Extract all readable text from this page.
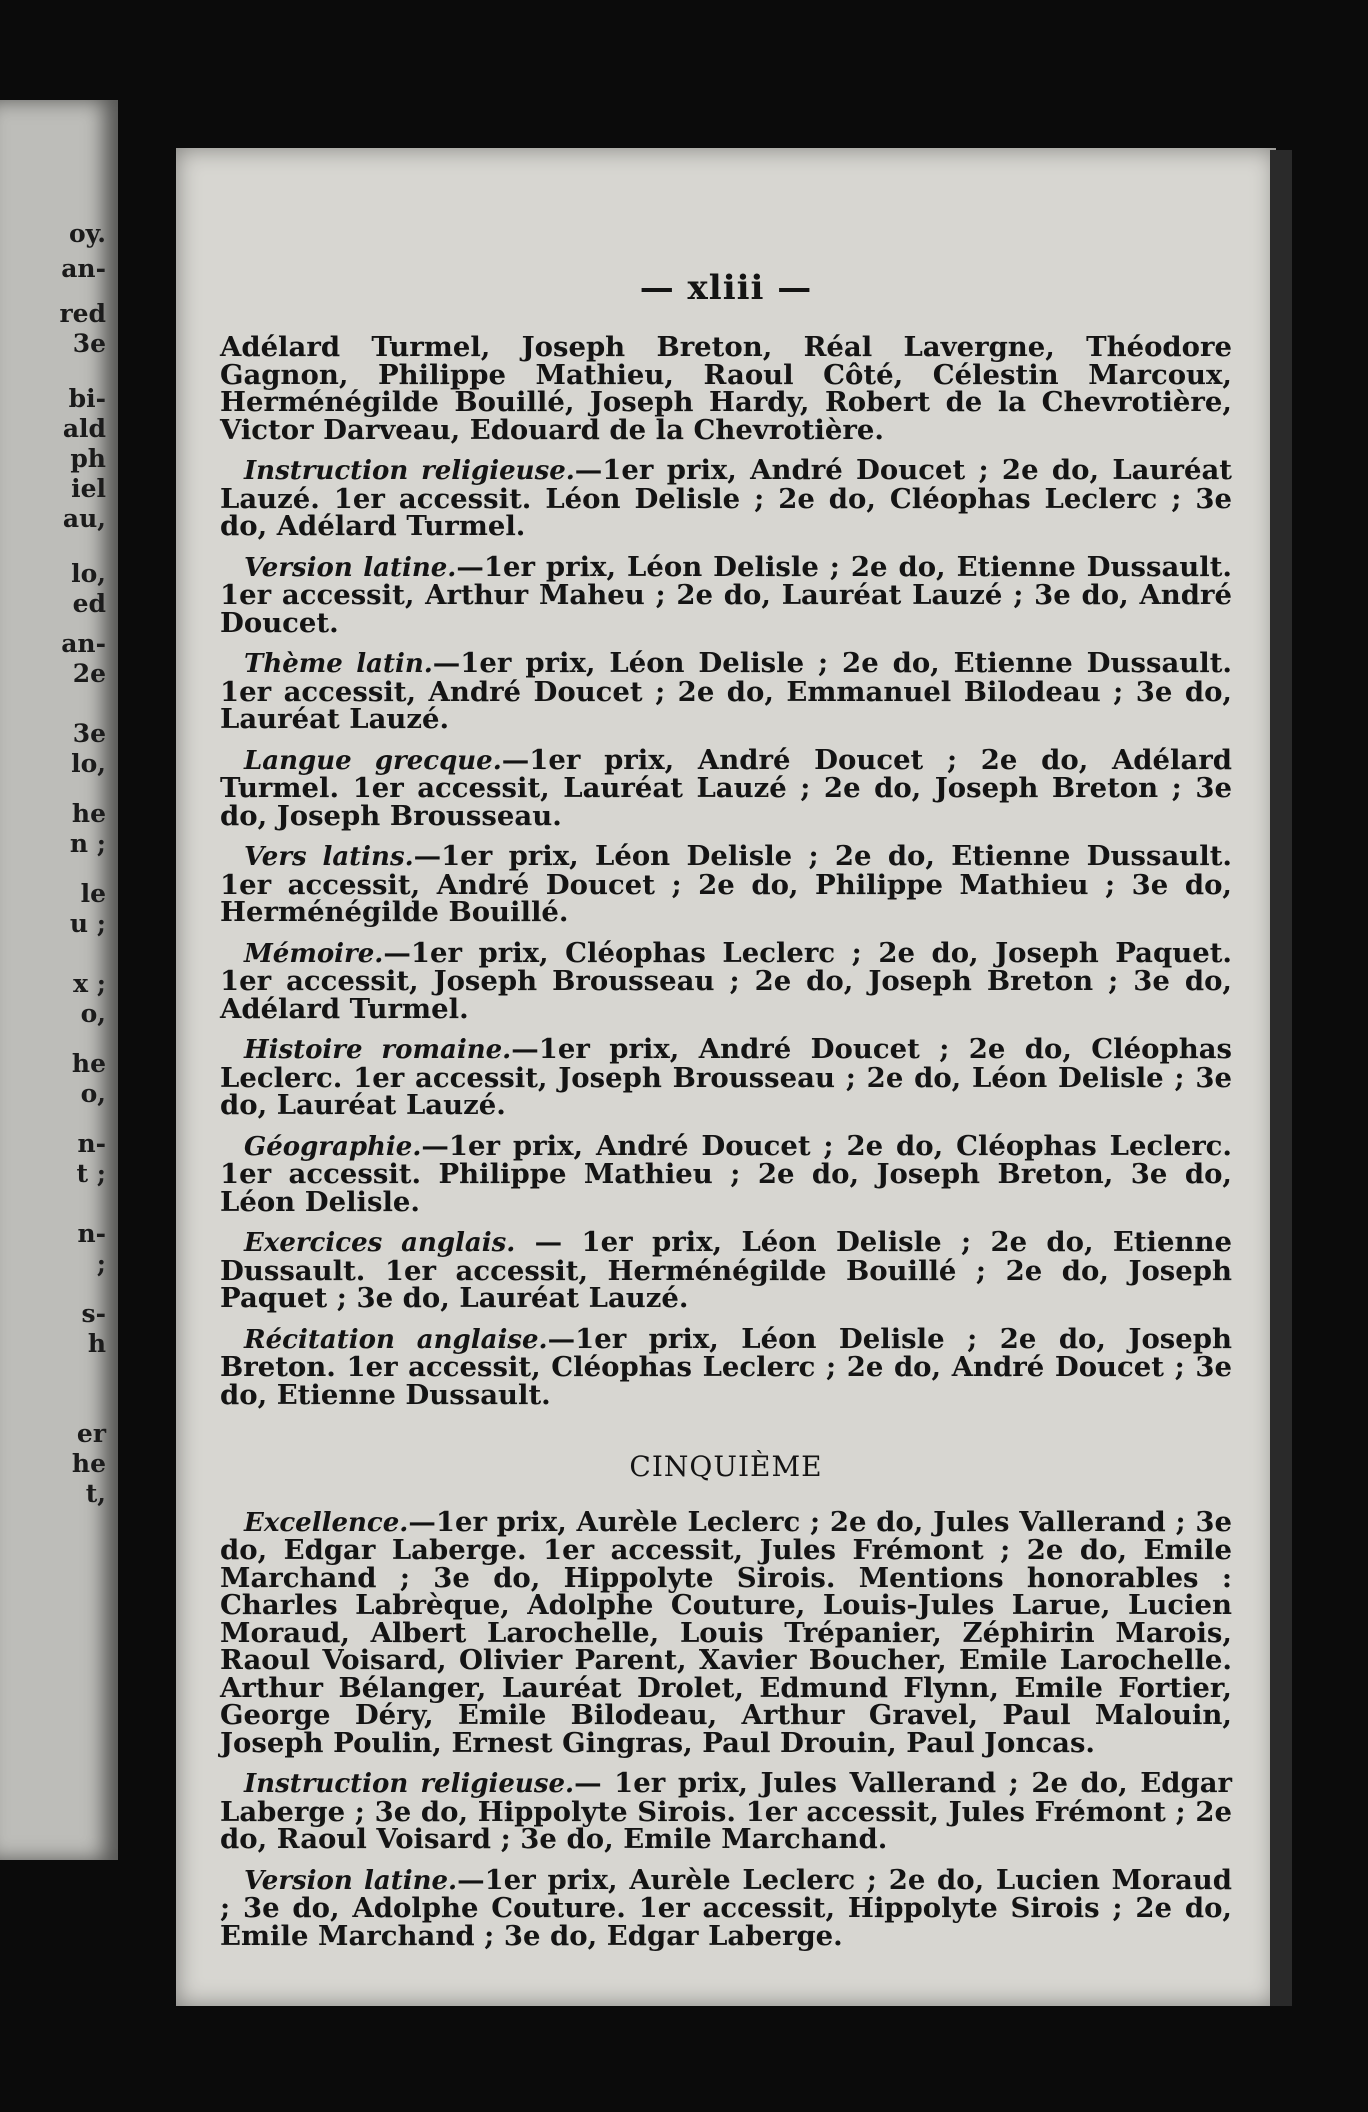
oy.
an-
red
3e
bi-
ald
ph
iel
au,
lo,
ed
an-
2e
3e
lo,
he
n ;
le
u ;
x ;
o,
he
o,
n-
t ;
n-
;
s-
h
er
he
t,
— xliii —

Adélard Turmel, Joseph Breton, Réal Lavergne, Théodore Gagnon, Philippe Mathieu, Raoul Côté, Célestin Marcoux, Herménégilde Bouillé, Joseph Hardy, Robert de la Chevrotière, Victor Darveau, Edouard de la Chevrotière.

Instruction religieuse.—1er prix, André Doucet ; 2e do, Lauréat Lauzé. 1er accessit. Léon Delisle ; 2e do, Cléophas Leclerc ; 3e do, Adélard Turmel.

Version latine.—1er prix, Léon Delisle ; 2e do, Etienne Dussault. 1er accessit, Arthur Maheu ; 2e do, Lauréat Lauzé ; 3e do, André Doucet.

Thème latin.—1er prix, Léon Delisle ; 2e do, Etienne Dussault. 1er accessit, André Doucet ; 2e do, Emmanuel Bilodeau ; 3e do, Lauréat Lauzé.

Langue grecque.—1er prix, André Doucet ; 2e do, Adélard Turmel. 1er accessit, Lauréat Lauzé ; 2e do, Joseph Breton ; 3e do, Joseph Brousseau.

Vers latins.—1er prix, Léon Delisle ; 2e do, Etienne Dussault. 1er accessit, André Doucet ; 2e do, Philippe Mathieu ; 3e do, Herménégilde Bouillé.

Mémoire.—1er prix, Cléophas Leclerc ; 2e do, Joseph Paquet. 1er accessit, Joseph Brousseau ; 2e do, Joseph Breton ; 3e do, Adélard Turmel.

Histoire romaine.—1er prix, André Doucet ; 2e do, Cléophas Leclerc. 1er accessit, Joseph Brousseau ; 2e do, Léon Delisle ; 3e do, Lauréat Lauzé.

Géographie.—1er prix, André Doucet ; 2e do, Cléophas Leclerc. 1er accessit. Philippe Mathieu ; 2e do, Joseph Breton, 3e do, Léon Delisle.

Exercices anglais. — 1er prix, Léon Delisle ; 2e do, Etienne Dussault. 1er accessit, Herménégilde Bouillé ; 2e do, Joseph Paquet ; 3e do, Lauréat Lauzé.

Récitation anglaise.—1er prix, Léon Delisle ; 2e do, Joseph Breton. 1er accessit, Cléophas Leclerc ; 2e do, André Doucet ; 3e do, Etienne Dussault.

CINQUIÈME

Excellence.—1er prix, Aurèle Leclerc ; 2e do, Jules Vallerand ; 3e do, Edgar Laberge. 1er accessit, Jules Frémont ; 2e do, Emile Marchand ; 3e do, Hippolyte Sirois. Mentions honorables : Charles Labrèque, Adolphe Couture, Louis-Jules Larue, Lucien Moraud, Albert Larochelle, Louis Trépanier, Zéphirin Marois, Raoul Voisard, Olivier Parent, Xavier Boucher, Emile Larochelle. Arthur Bélanger, Lauréat Drolet, Edmund Flynn, Emile Fortier, George Déry, Emile Bilodeau, Arthur Gravel, Paul Malouin, Joseph Poulin, Ernest Gingras, Paul Drouin, Paul Joncas.

Instruction religieuse.— 1er prix, Jules Vallerand ; 2e do, Edgar Laberge ; 3e do, Hippolyte Sirois. 1er accessit, Jules Frémont ; 2e do, Raoul Voisard ; 3e do, Emile Marchand.

Version latine.—1er prix, Aurèle Leclerc ; 2e do, Lucien Moraud ; 3e do, Adolphe Couture. 1er accessit, Hippolyte Sirois ; 2e do, Emile Marchand ; 3e do, Edgar Laberge.
